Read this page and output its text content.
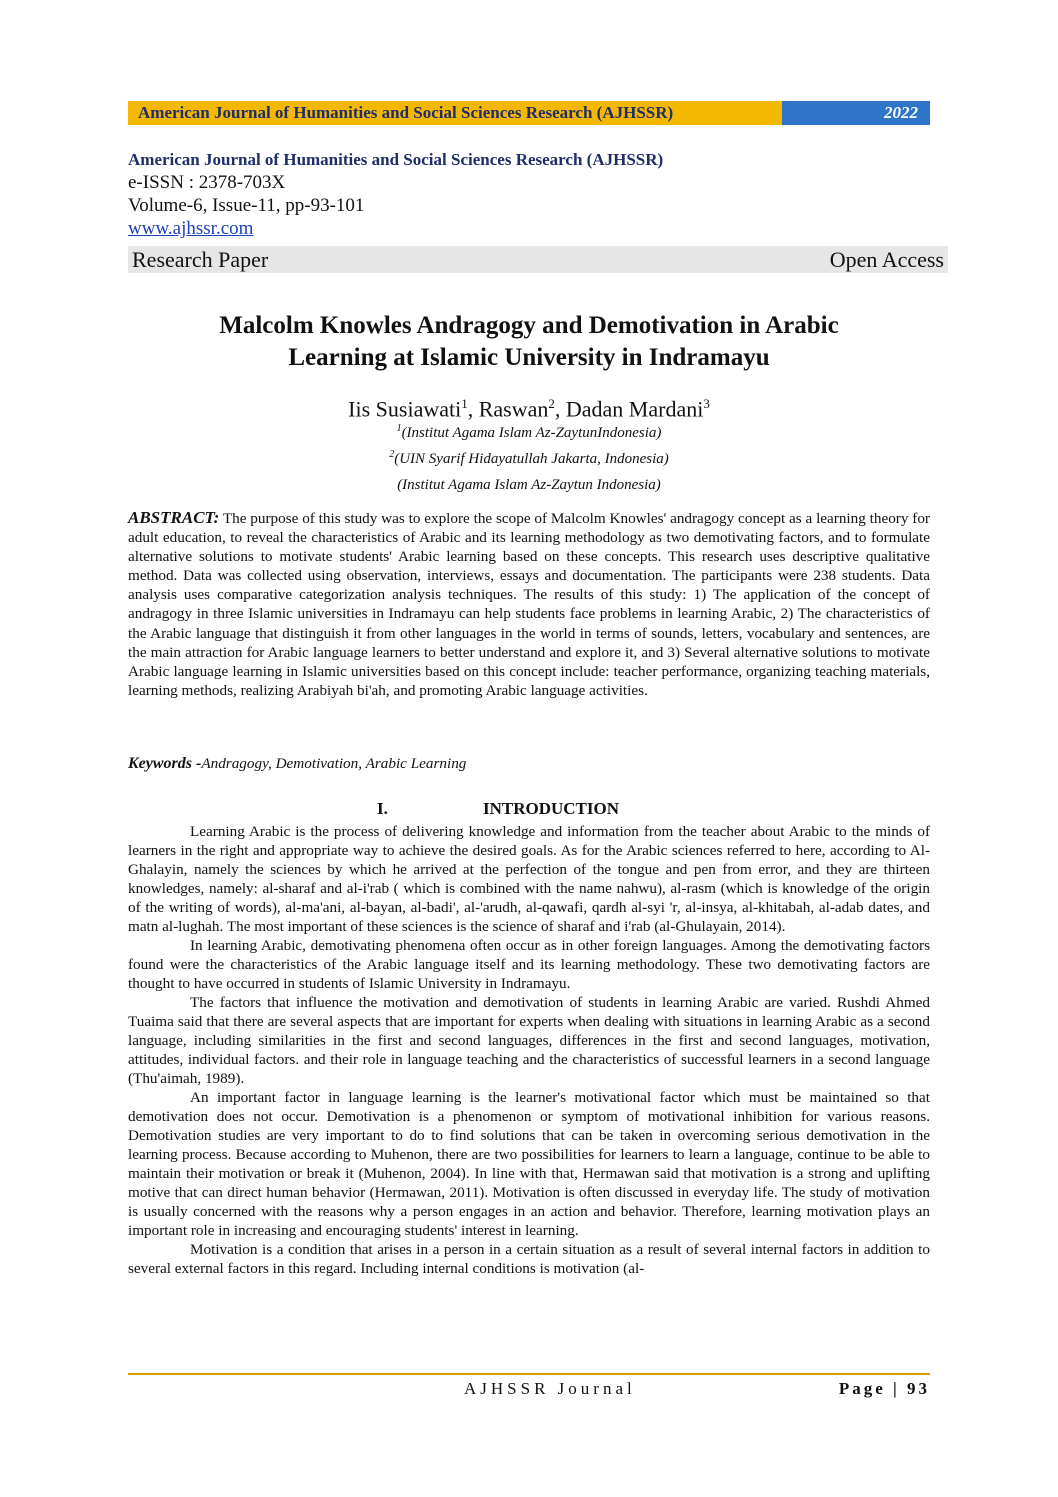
American Journal of Humanities and Social Sciences Research (AJHSSR)	2022
American Journal of Humanities and Social Sciences Research (AJHSSR)
e-ISSN : 2378-703X
Volume-6, Issue-11, pp-93-101
www.ajhssr.com
Research Paper	Open Access
Malcolm Knowles Andragogy and Demotivation in Arabic
Learning at Islamic University in Indramayu
Iis Susiawati$^1$, Raswan$^2$, Dadan Mardani$^3$
$^1$(Institut Agama Islam Az-ZaytunIndonesia)
$^2$(UIN Syarif Hidayatullah Jakarta, Indonesia)
(Institut Agama Islam Az-Zaytun Indonesia)
ABSTRACT: The purpose of this study was to explore the scope of Malcolm Knowles' andragogy concept as a learning theory for adult education, to reveal the characteristics of Arabic and its learning methodology as two demotivating factors, and to formulate alternative solutions to motivate students' Arabic learning based on these concepts. This research uses descriptive qualitative method. Data was collected using observation, interviews, essays and documentation. The participants were 238 students. Data analysis uses comparative categorization analysis techniques. The results of this study: 1) The application of the concept of andragogy in three Islamic universities in Indramayu can help students face problems in learning Arabic, 2) The characteristics of the Arabic language that distinguish it from other languages in the world in terms of sounds, letters, vocabulary and sentences, are the main attraction for Arabic language learners to better understand and explore it, and 3) Several alternative solutions to motivate Arabic language learning in Islamic universities based on this concept include: teacher performance, organizing teaching materials, learning methods, realizing Arabiyah bi'ah, and promoting Arabic language activities.
Keywords -Andragogy, Demotivation, Arabic Learning
I.	INTRODUCTION

Learning Arabic is the process of delivering knowledge and information from the teacher about Arabic to the minds of learners in the right and appropriate way to achieve the desired goals. As for the Arabic sciences referred to here, according to Al-Ghalayin, namely the sciences by which he arrived at the perfection of the tongue and pen from error, and they are thirteen knowledges, namely: al-sharaf and al-i'rab ( which is combined with the name nahwu), al-rasm (which is knowledge of the origin of the writing of words), al-ma'ani, al-bayan, al-badi', al-'arudh, al-qawafi, qardh al-syi 'r, al-insya, al-khitabah, al-adab dates, and matn al-lughah. The most important of these sciences is the science of sharaf and i'rab (al-Ghulayain, 2014).

In learning Arabic, demotivating phenomena often occur as in other foreign languages. Among the demotivating factors found were the characteristics of the Arabic language itself and its learning methodology. These two demotivating factors are thought to have occurred in students of Islamic University in Indramayu.

The factors that influence the motivation and demotivation of students in learning Arabic are varied. Rushdi Ahmed Tuaima said that there are several aspects that are important for experts when dealing with situations in learning Arabic as a second language, including similarities in the first and second languages, differences in the first and second languages, motivation, attitudes, individual factors. and their role in language teaching and the characteristics of successful learners in a second language (Thu'aimah, 1989).

An important factor in language learning is the learner's motivational factor which must be maintained so that demotivation does not occur. Demotivation is a phenomenon or symptom of motivational inhibition for various reasons. Demotivation studies are very important to do to find solutions that can be taken in overcoming serious demotivation in the learning process. Because according to Muhenon, there are two possibilities for learners to learn a language, continue to be able to maintain their motivation or break it (Muhenon, 2004). In line with that, Hermawan said that motivation is a strong and uplifting motive that can direct human behavior (Hermawan, 2011). Motivation is often discussed in everyday life. The study of motivation is usually concerned with the reasons why a person engages in an action and behavior. Therefore, learning motivation plays an important role in increasing and encouraging students' interest in learning.

Motivation is a condition that arises in a person in a certain situation as a result of several internal factors in addition to several external factors in this regard. Including internal conditions is motivation (al-

AJHSSR Journal	Page | 93
